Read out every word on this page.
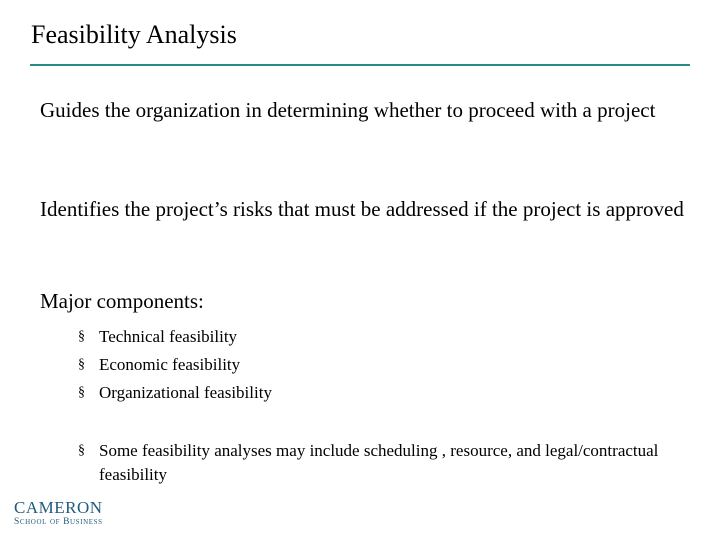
Feasibility Analysis
Guides the organization in determining whether to proceed with a project
Identifies the project’s risks that must be addressed if the project is approved
Major components:
§ Technical feasibility
§ Economic feasibility
§ Organizational feasibility
§ Some feasibility analyses may include scheduling , resource, and legal/contractual feasibility
CAMERON
School of Business
